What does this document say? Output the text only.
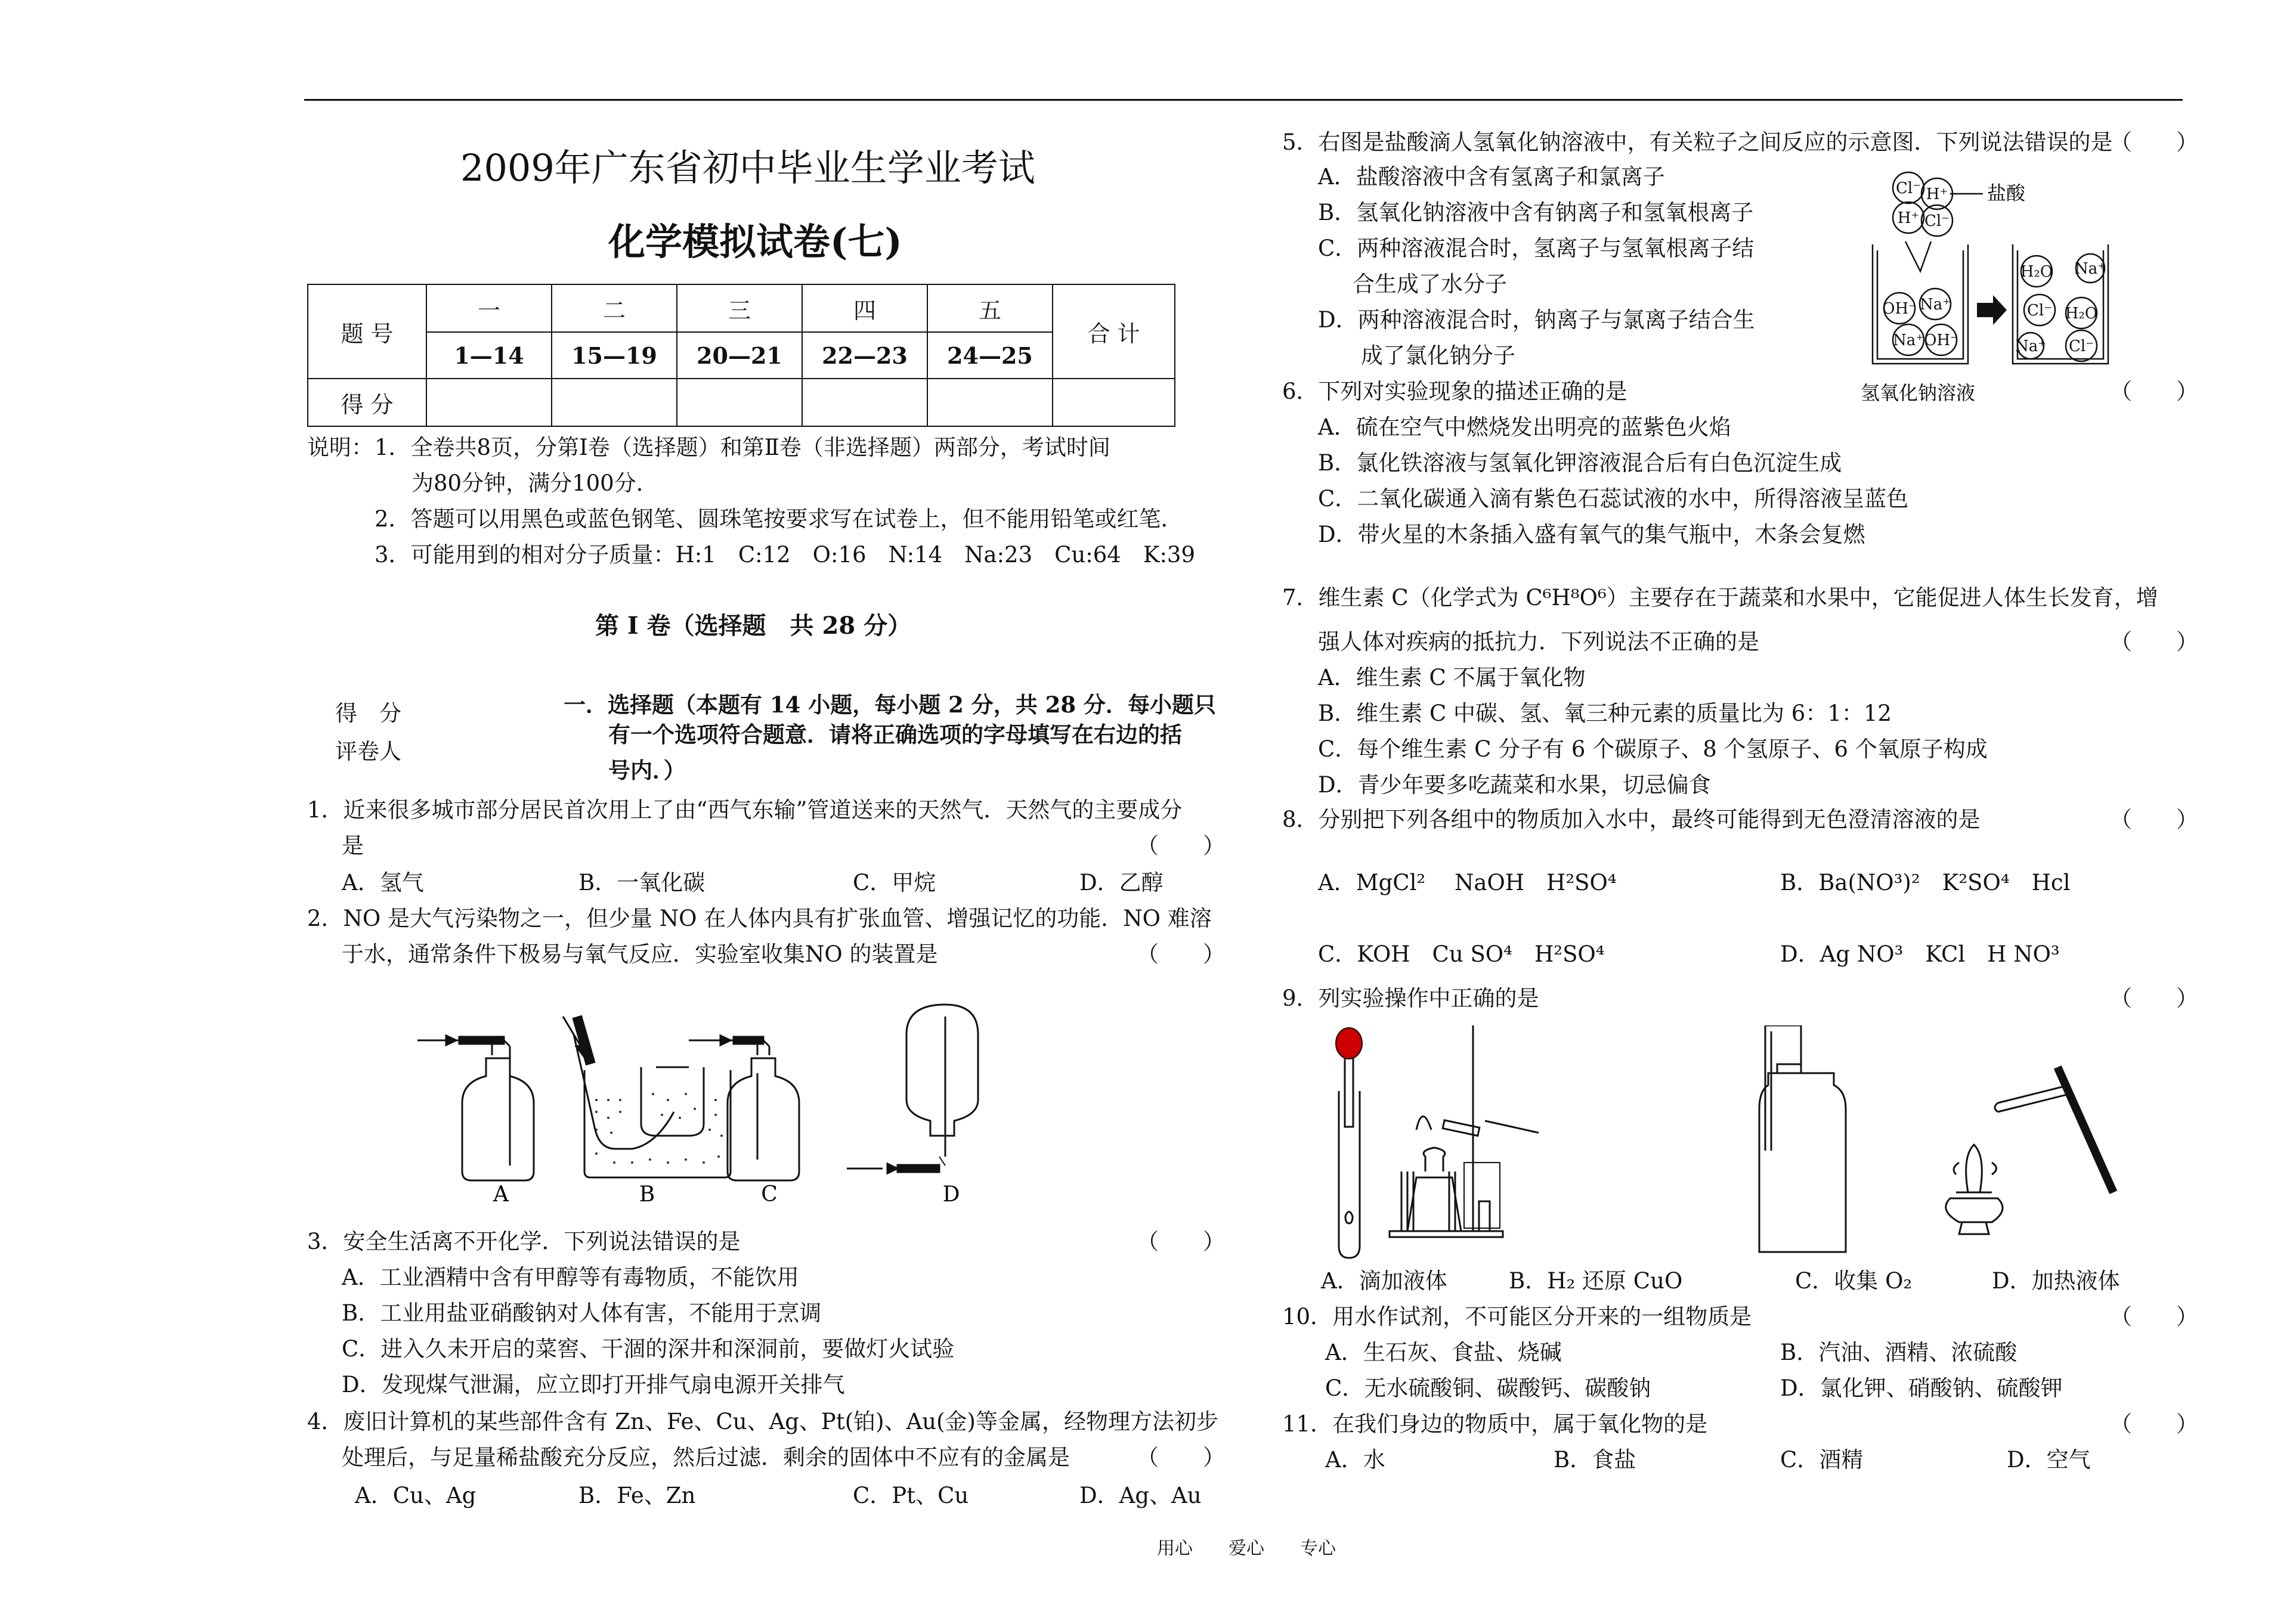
2009年广东省初中毕业生学业考试
化学模拟试卷(七)
题 号	一	二	三	四	五	合 计
	1—14	15—19	20—21	22—23	24—25	
得 分						
说明： 1．全卷共8页，分第Ⅰ卷（选择题）和第Ⅱ卷（非选择题）两部分，考试时间
为80分钟，满分100分．
2．答题可以用黑色或蓝色钢笔、圆珠笔按要求写在试卷上，但不能用铅笔或红笔．
3．可能用到的相对分子质量：H:1　C:12　O:16　N:14　Na:23　Cu:64　K:39
第 I 卷（选择题　共 28 分）
得　分
评卷人
一．选择题（本题有 14 小题，每小题 2 分，共 28 分．每小题只
有一个选项符合题意．请将正确选项的字母填写在右边的括
号内．）
1．近来很多城市部分居民首次用上了由“西气东输”管道送来的天然气．天然气的主要成分
是	（　　）
A．氢气	B．一氧化碳	C．甲烷	D．乙醇
2．NO 是大气污染物之一，但少量 NO 在人体内具有扩张血管、增强记忆的功能．NO 难溶
于水，通常条件下极易与氧气反应．实验室收集NO 的装置是	（　　）
A	B	C	D
3．安全生活离不开化学．下列说法错误的是	（　　）
A．工业酒精中含有甲醇等有毒物质，不能饮用
B．工业用盐亚硝酸钠对人体有害，不能用于烹调
C．进入久未开启的菜窖、干涸的深井和深洞前，要做灯火试验
D．发现煤气泄漏，应立即打开排气扇电源开关排气
4．废旧计算机的某些部件含有 Zn、Fe、Cu、Ag、Pt(铂)、Au(金)等金属，经物理方法初步
处理后，与足量稀盐酸充分反应，然后过滤．剩余的固体中不应有的金属是	（　　）
A．Cu、Ag	B．Fe、Zn	C．Pt、Cu	D．Ag、Au
5．右图是盐酸滴人氢氧化钠溶液中，有关粒子之间反应的示意图．下列说法错误的是
（　　）
A．盐酸溶液中含有氢离子和氯离子
B．氢氧化钠溶液中含有钠离子和氢氧根离子
C．两种溶液混合时，氢离子与氢氧根离子结
合生成了水分子
D．两种溶液混合时，钠离子与氯离子结合生
成了氯化钠分子
Cl⁻ H⁺
H⁺ Cl⁻
OH⁻ Na⁺
Na⁺ OH⁻
H₂O Na⁺
Cl⁻ H₂O
Na⁺ Cl⁻
盐酸
氢氧化钠溶液
6．下列对实验现象的描述正确的是	（　　）
A．硫在空气中燃烧发出明亮的蓝紫色火焰
B．氯化铁溶液与氢氧化钾溶液混合后有白色沉淀生成
C．二氧化碳通入滴有紫色石蕊试液的水中，所得溶液呈蓝色
D．带火星的木条插入盛有氧气的集气瓶中，木条会复燃
7．维生素 C（化学式为 C⁶H⁸O⁶）主要存在于蔬菜和水果中，它能促进人体生长发育，增
强人体对疾病的抵抗力．下列说法不正确的是	（　　）
A．维生素 C 不属于氧化物
B．维生素 C 中碳、氢、氧三种元素的质量比为 6：1：12
C．每个维生素 C 分子有 6 个碳原子、8 个氢原子、6 个氧原子构成
D．青少年要多吃蔬菜和水果，切忌偏食
8．分别把下列各组中的物质加入水中，最终可能得到无色澄清溶液的是	（　　）
A．MgCl²　 NaOH　H²SO⁴	B．Ba(NO³)²　K²SO⁴　Hcl
C．KOH　Cu SO⁴　H²SO⁴	D．Ag NO³　KCl　H NO³
9．列实验操作中正确的是	（　　）
A．滴加液体	B．H₂ 还原 CuO	C．收集 O₂	D．加热液体
10．用水作试剂，不可能区分开来的一组物质是	（　　）
A．生石灰、食盐、烧碱	B．汽油、酒精、浓硫酸
C．无水硫酸铜、碳酸钙、碳酸钠	D．氯化钾、硝酸钠、硫酸钾
11．在我们身边的物质中，属于氧化物的是	（　　）
A．水	B．食盐	C．酒精	D．空气
用心　　爱心　　专心
